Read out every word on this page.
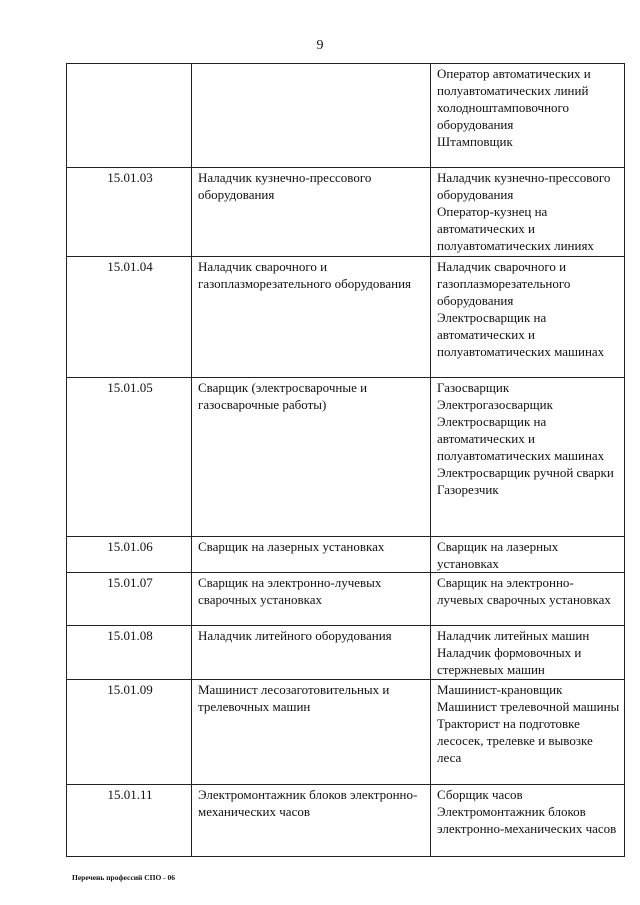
9

		Оператор автоматических и полуавтоматических линий холодноштамповочного оборудования
Штамповщик

15.01.03	Наладчик кузнечно-прессового оборудования	Наладчик кузнечно-прессового оборудования
Оператор-кузнец на автоматических и полуавтоматических линиях

15.01.04	Наладчик сварочного и газоплазморезательного оборудования	Наладчик сварочного и газоплазморезательного оборудования
Электросварщик на автоматических и полуавтоматических машинах

15.01.05	Сварщик (электросварочные и газосварочные работы)	Газосварщик
Электрогазосварщик
Электросварщик на автоматических и полуавтоматических машинах
Электросварщик ручной сварки
Газорезчик

15.01.06	Сварщик на лазерных установках	Сварщик на лазерных установках

15.01.07	Сварщик на электронно-лучевых сварочных установках	Сварщик на электронно-лучевых сварочных установках

15.01.08	Наладчик литейного оборудования	Наладчик литейных машин
Наладчик формовочных и стержневых машин

15.01.09	Машинист лесозаготовительных и трелевочных машин	Машинист-крановщик
Машинист трелевочной машины
Тракторист на подготовке лесосек, трелевке и вывозке леса

15.01.11	Электромонтажник блоков электронно-механических часов	Сборщик часов
Электромонтажник блоков электронно-механических часов
Перечень профессий СПО - 06
